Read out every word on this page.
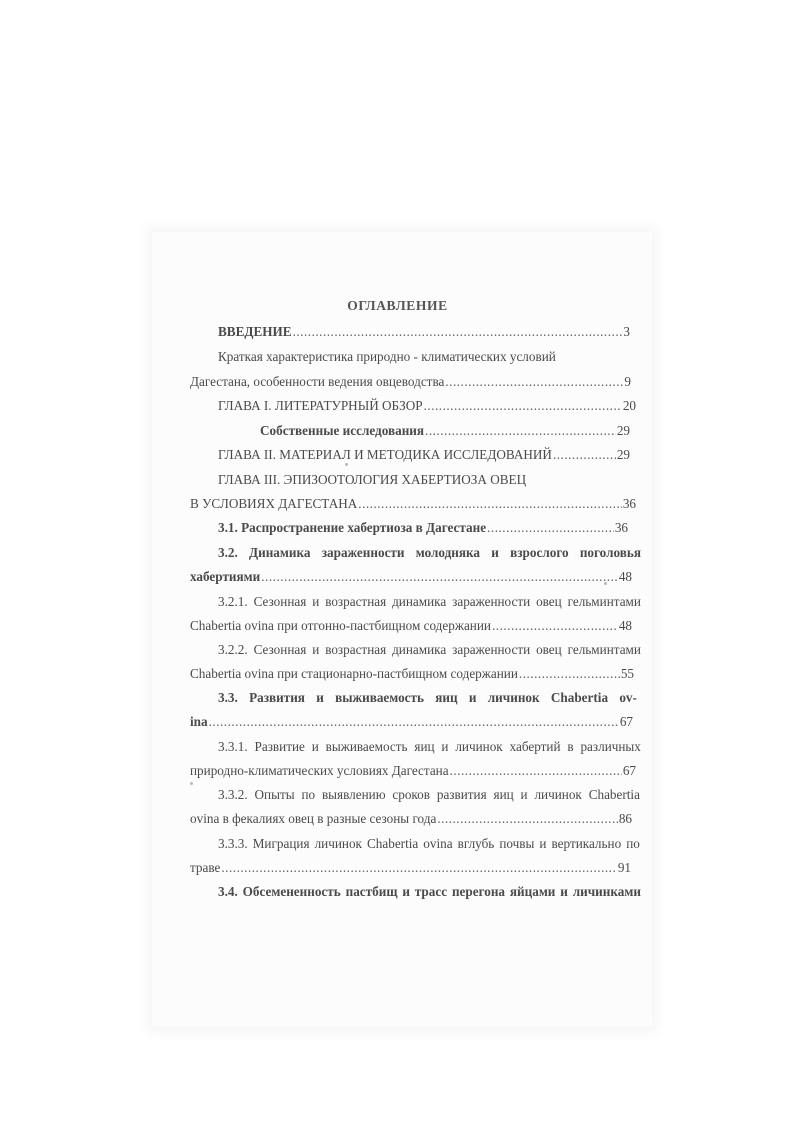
ОГЛАВЛЕНИЕ
ВВЕДЕНИЕ .....	3
Краткая характеристика природно - климатических условий
Дагестана, особенности ведения овцеводства .....	9
ГЛАВА I. ЛИТЕРАТУРНЫЙ ОБЗОР .....	20
Собственные исследования .....	29
ГЛАВА II. МАТЕРИАЛ И МЕТОДИКА ИССЛЕДОВАНИЙ .....	29
ГЛАВА III. ЭПИЗООТОЛОГИЯ ХАБЕРТИОЗА ОВЕЦ
В УСЛОВИЯХ ДАГЕСТАНА .....	36
3.1. Распространение хабертиоза в Дагестане .....	36
3.2. Динамика зараженности молодняка и взрослого поголовья
хабертиями .....	48
3.2.1. Сезонная и возрастная динамика зараженности овец гельминтами
Chabertia ovina при отгонно-пастбищном содержании .....	48
3.2.2. Сезонная и возрастная динамика зараженности овец гельминтами
Chabertia ovina при стационарно-пастбищном содержании .....	55
3.3. Развития и выживаемость яиц и личинок Chabertia ov-
ina .....	67
3.3.1. Развитие и выживаемость яиц и личинок хабертий в различных
природно-климатических условиях Дагестана .....	67
3.3.2. Опыты по выявлению сроков развития яиц и личинок Chabertia
ovina в фекалиях овец в разные сезоны года .....	86
3.3.3. Миграция личинок Chabertia ovina вглубь почвы и вертикально по
траве .....	91
3.4. Обсемененность пастбищ и трасс перегона яйцами и личинками
